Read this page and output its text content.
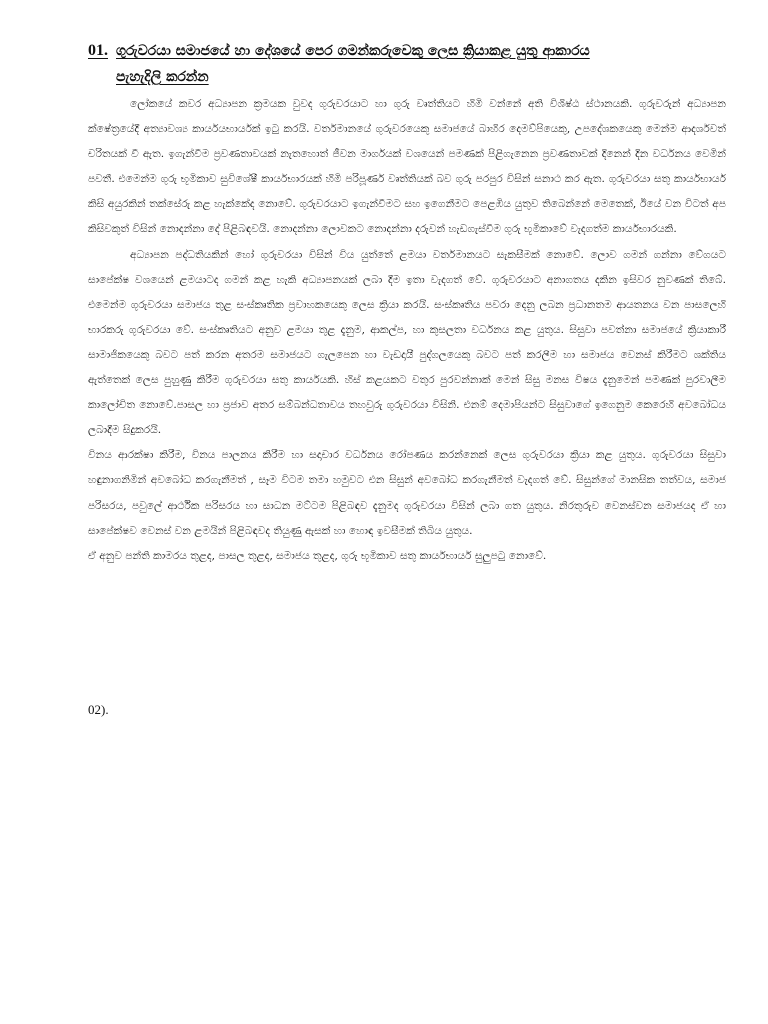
01. ගුරුවරයා සමාජයේ හා දේශයේ පෙර ගමන්කරුවෙකු ලෙස ක්‍රියාකළ යුතු ආකාරය
පැහැදිලි කරන්න

ලෝකයේ කවර අධ්‍යාපන ක්‍රමයක වුවද ගුරුවරයාට හා ගුරු වෘත්තියට හිමි වන්නේ අති විශිෂ්ඨ ස්ථානයකි. ගුරුවරුන් අධ්‍යාපන ක්ෂේත්‍රයේදී අත්‍යාවශ්‍ය කාර්යයභාර්යක් ඉටු කරයි. වර්තමානයේ ගුරුවරයෙකු සමාජයේ බාහිර දෙමව්පියෙකු, උපදේශකයෙකු මෙන්ම ආදර්ශවත් චරිතයක් වී ඇත. ඉගැන්වීම ප්‍රවණතාවයක් නැතහොත් ජීවන මාර්ගයක් වශයෙන් පමණක් පිළිගැනෙන ප්‍රවණතාවක් දිනෙන් දින වර්ධනය වෙමින් පවතී. එමෙන්ම ගුරු භූමිකාව සුවිශේෂී කාර්යභාරයක් හිමි පරිපූර්ණ වෘත්තියක් බව ගුරු පරපුර විසින් සනාථ කර ඇත. ගුරුවරයා සතු කාර්යභාර්ය කිසි අයුරකින් තක්සේරු කළ හැක්කේද නොවේ. ගුරුවරයාට ඉගැන්වීමට සහ ඉගෙනීමට පෙළඹිය යුතුව තිබෙන්නේ මෙතෙක්, ඊයේ වන විටත් අප කිසිවකුත් විසින් නොදන්නා දේ පිළිබඳවයි. නොදන්නා ලොවකට නොදන්නා දරුවන් හැඩගැස්වීම ගුරු භූමිකාවේ වැදගත්ම කාර්යභාරයකි.

අධ්‍යාපන පද්ධතියකින් හෝ ගුරුවරයා විසින් විය යුත්තේ ළමයා වර්තමානයට සැකසීමක් නොවේ. ලොව ගමන් ගන්නා වේගයට සාපේක්ෂ වශයෙන් ළමයාටද ගමන් කළ හැකි අධ්‍යාපනයක් ලබා දීම ඉතා වැදගත් වේ. ගුරුවරයාට අනාගතය දකින ඉසිවර නුවණක් තිබේ. එමෙන්ම ගුරුවරයා සමාජය තුළ සංස්කෘතික ප්‍රවාහකයෙකු ලෙස ක්‍රියා කරයි. සංස්කෘතිය පවරා දෙනු ලබන ප්‍රධානතම ආයතනය වන පාසලෙහි භාරකරු ගුරුවරයා වේ. සංස්කෘතියට අනුව ළමයා තුළ දැනුම, ආකල්ප, හා කුසලතා වර්ධනය කළ යුතුය. සිසුවා පවත්නා සමාජයේ ක්‍රියාකාරී සාමාජිකයෙකු බවට පත් කරන අතරම සමාජයට ගැලපෙන හා වැඩදායී පුද්ගලයෙකු බවට පත් කරලීම හා සමාජය වෙනස් කිරීමට ශක්තිය ඇත්තෙක් ලෙස පුහුණු කිරීම ගුරුවරයා සතු කාර්යයකි. හිස් කළයකට වතුර පුරවන්නාක් මෙන් සිසු මනස විෂය දැනුමෙන් පමණක් පුරවාලීම කාලෝචිත නොවේ.පාසල හා ප්‍රජාව අතර සම්බන්ධතාවය තහවුරු ගුරුවරයා විසිනි. එනම් දෙමාපියන්ට සිසුවාගේ ඉගෙනුම කෙරෙහි අවබෝධය ලබාදීම සිදුකරයි.

විනය ආරක්ෂා කිරීම, විනය පාලනය කිරීම හා සදාචාර වර්ධනය රෝපණය කරන්නෙක් ලෙස ගුරුවරයා ක්‍රියා කළ යුතුය. ගුරුවරයා සිසුවා හඳුනාගනිමින් අවබෝධ කරගැනීමත් , සෑම විටම තමා හමුවට එන සිසුන් අවබෝධ කරගැනීමත් වැදගත් වේ. සිසුන්ගේ මානසික තත්වය, සමාජ පරිසරය, පවුලේ ආර්ථික පරිසරය හා සාධන මට්ටම පිළිබඳව දැනුමද ගුරුවරයා විසින් ලබා ගත යුතුය. නිරතුරුව වෙනස්වන සමාජයද ඒ හා සාපේක්ෂව වෙනස් වන ළමයින් පිළිබඳවද තියුණු ඇසක් හා හොඳ ඉවසීමක් තිබිය යුතුය.

ඒ අනුව පන්ති කාමරය තුළද, පාසල තුළද, සමාජය තුළද, ගුරු භූමිකාව සතු කාර්යභාර්ය සුලුපටු නොවේ.

02).
